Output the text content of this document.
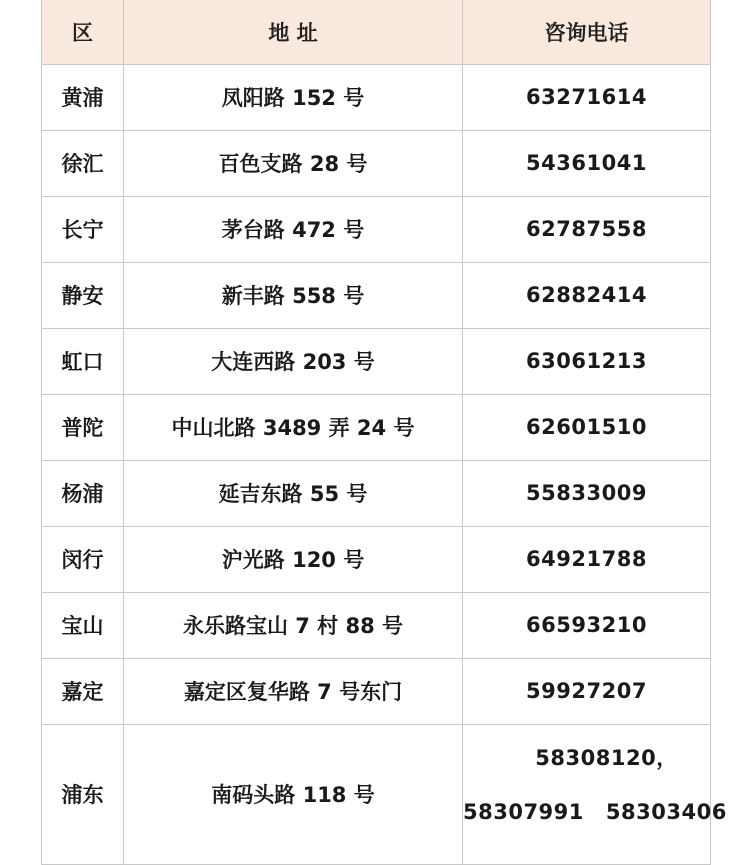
区	地 址	咨询电话
黄浦	凤阳路 152 号	63271614
徐汇	百色支路 28 号	54361041
长宁	茅台路 472 号	62787558
静安	新丰路 558 号	62882414
虹口	大连西路 203 号	63061213
普陀	中山北路 3489 弄 24 号	62601510
杨浦	延吉东路 55 号	55833009
闵行	沪光路 120 号	64921788
宝山	永乐路宝山 7 村 88 号	66593210
嘉定	嘉定区复华路 7 号东门	59927207
浦东	南码头路 118 号	58308120，
58307991 58303406
